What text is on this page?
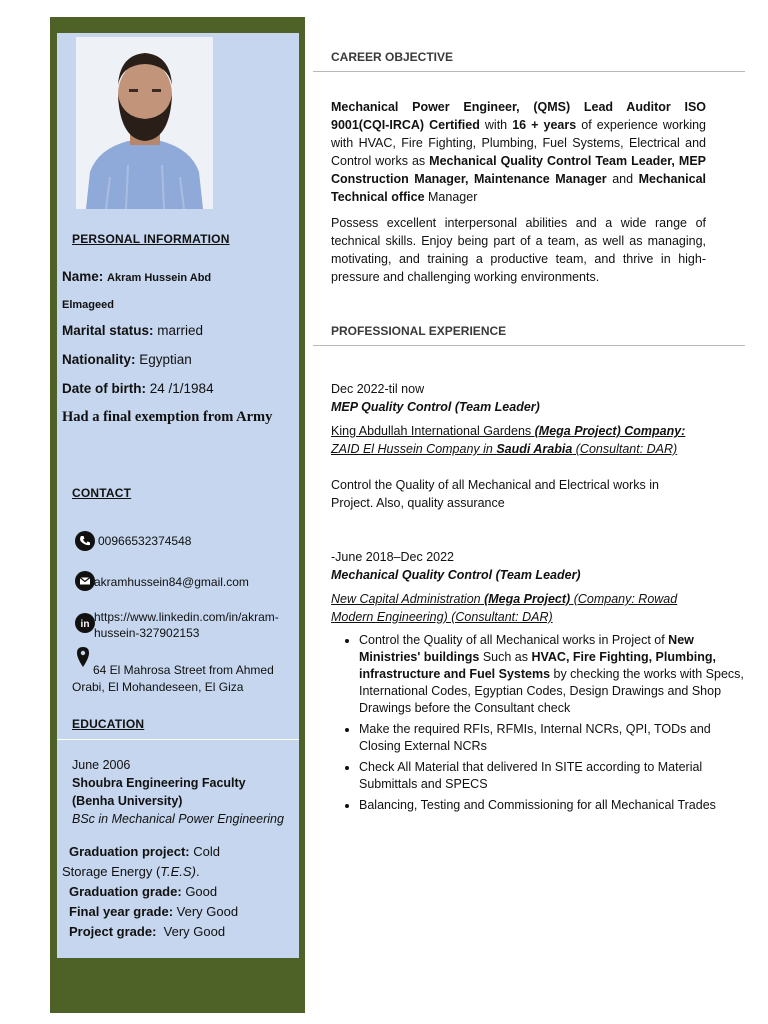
PERSONAL INFORMATION
Name: Akram Hussein Abd
Elmageed
Marital status: married
Nationality: Egyptian
Date of birth: 24 /1/1984
Had a final exemption from Army
CONTACT
00966532374548
akramhussein84@gmail.com
in
https://www.linkedin.com/in/akram-
hussein-327902153
64 El Mahrosa Street from Ahmed
Orabi, El Mohandeseen, El Giza
EDUCATION
June 2006
Shoubra Engineering Faculty
(Benha University)
BSc in Mechanical Power Engineering
Graduation project: Cold
Storage Energy (T.E.S).
Graduation grade: Good
Final year grade: Very Good
Project grade: Very Good
CAREER OBJECTIVE
Mechanical Power Engineer, (QMS) Lead Auditor ISO 9001(CQI-IRCA) Certified with 16 + years of experience working with HVAC, Fire Fighting, Plumbing, Fuel Systems, Electrical and Control works as Mechanical Quality Control Team Leader, MEP Construction Manager, Maintenance Manager and Mechanical Technical office Manager
Possess excellent interpersonal abilities and a wide range of technical skills. Enjoy being part of a team, as well as managing, motivating, and training a productive team, and thrive in high-pressure and challenging working environments.
PROFESSIONAL EXPERIENCE
Dec 2022-til now
MEP Quality Control (Team Leader)
King Abdullah International Gardens (Mega Project) Company:
ZAID El Hussein Company in Saudi Arabia (Consultant: DAR)
Control the Quality of all Mechanical and Electrical works in Project. Also, quality assurance
-June 2018–Dec 2022
Mechanical Quality Control (Team Leader)
New Capital Administration (Mega Project) (Company: Rowad
Modern Engineering) (Consultant: DAR)
• Control the Quality of all Mechanical works in Project of New Ministries' buildings Such as HVAC, Fire Fighting, Plumbing, infrastructure and Fuel Systems by checking the works with Specs, International Codes, Egyptian Codes, Design Drawings and Shop Drawings before the Consultant check
• Make the required RFIs, RFMIs, Internal NCRs, QPI, TODs and Closing External NCRs
• Check All Material that delivered In SITE according to Material Submittals and SPECS
• Balancing, Testing and Commissioning for all Mechanical Trades
